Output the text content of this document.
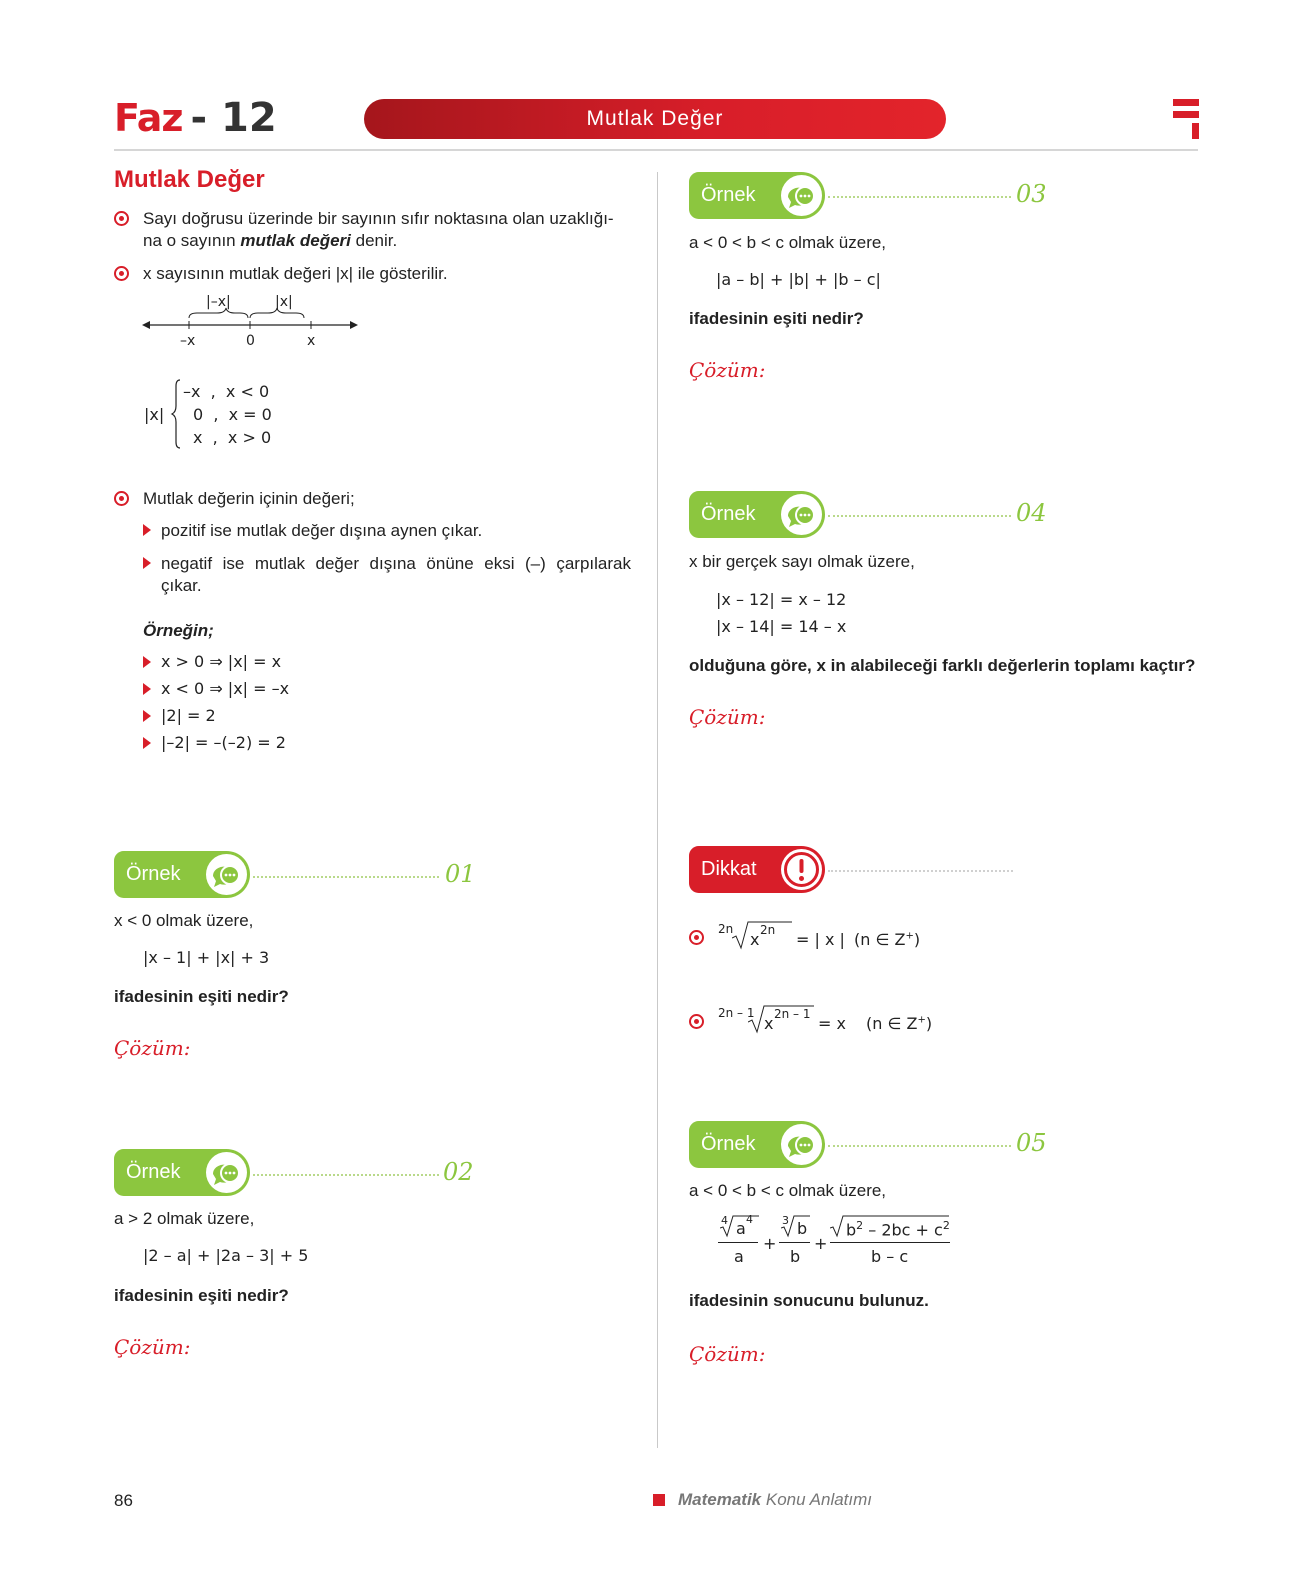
Faz - 12	Mutlak Değer
Mutlak Değer
Sayı doğrusu üzerinde bir sayının sıfır noktasına olan uzaklığı-
na o sayının mutlak değeri denir.
x sayısının mutlak değeri |x| ile gösterilir.
|–x|	|x|
–x	0	x
|x|
–x  ,  x < 0
0  ,  x = 0
x  ,  x > 0
Mutlak değerin içinin değeri;
pozitif ise mutlak değer dışına aynen çıkar.
negatif ise mutlak değer dışına önüne eksi (–) çarpılarak
çıkar.
Örneğin;
x > 0 ⇒ |x| = x
x < 0 ⇒ |x| = –x
|2| = 2
|–2| = –(–2) = 2
Örnek	01
x < 0 olmak üzere,
|x – 1| + |x| + 3
ifadesinin eşiti nedir?
Çözüm:
Örnek	02
a > 2 olmak üzere,
|2 – a| + |2a – 3| + 5
ifadesinin eşiti nedir?
Çözüm:
Örnek	03
a < 0 < b < c olmak üzere,
|a – b| + |b| + |b – c|
ifadesinin eşiti nedir?
Çözüm:
Örnek	04
x bir gerçek sayı olmak üzere,
|x – 12| = x – 12
|x – 14| = 14 – x
olduğuna göre, x in alabileceği farklı değerlerin toplamı kaçtır?
Çözüm:
Dikkat
2n
x 2n = | x | (n ∈ Z+)
2n – 1
x 2n – 1 = x (n ∈ Z+)
Örnek	05
a < 0 < b < c olmak üzere,
4 a 4
a
+
3 b
b
+
$b^2 - 2bc + c^2$
b – c
ifadesinin sonucunu bulunuz.
Çözüm:
86	Matematik Konu Anlatımı
